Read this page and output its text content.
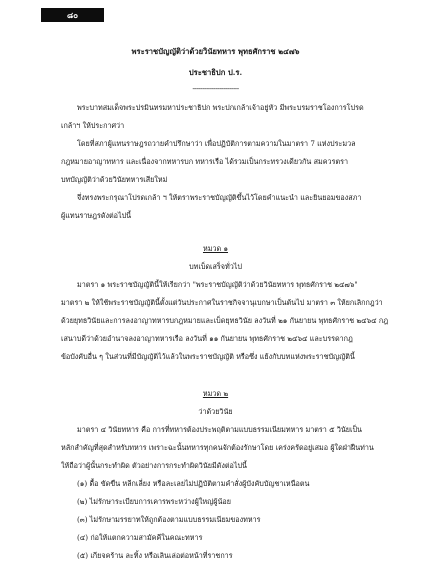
๘๐
พระราชบัญญัติว่าด้วยวินัยทหาร พุทธศักราช ๒๔๗๖
ประชาธิปก ป.ร.
------------------------
พระบาทสมเด็จพระปรมินทรมหาประชาธิปก พระปกเกล้าเจ้าอยู่หัว มีพระบรมราชโองการโปรด
เกล้าฯ ให้ประกาศว่า
โดยที่สภาผู้แทนราษฎรถวายคำปรึกษาว่า เพื่อปฏิบัติการตามความในมาตรา 7 แห่งประมวล
กฎหมายอาญาทหาร และเนื่องจากทหารบก ทหารเรือ ได้รวมเป็นกระทรวงเดียวกัน สมควรตรา
บทบัญญัติว่าด้วยวินัยทหารเสียใหม่
จึ่งทรงพระกรุณาโปรดเกล้า ฯ ให้ตราพระราชบัญญัติขึ้นไว้โดยคำแนะนำ และยินยอมของสภา
ผู้แทนราษฎรดังต่อไปนี้
หมวด ๑
บทเบ็ดเสร็จทั่วไป
มาตรา ๑ พระราชบัญญัตินี้ให้เรียกว่า "พระราชบัญญัติว่าด้วยวินัยทหาร พุทธศักราช ๒๔๗๖"
มาตรา ๒ ให้ใช้พระราชบัญญัตินี้ตั้งแต่วันประกาศในราชกิจจานุเบกษาเป็นต้นไป มาตรา ๓ ให้ยกเลิกกฎว่า
ด้วยยุทธวินัยและการลงอาญาทหารบกฎหมายและเบ็ดยุทธวินัย ลงวันที่ ๒๑ กันยายน พุทธศักราช ๒๔๖๔ กฎ
เสนาบดีว่าด้วยอำนาจลงอาญาทหารเรือ ลงวันที่ ๑๑ กันยายน พุทธศักราช ๒๔๖๔ และบรรดากฎ
ข้อบังคับอื่น ๆ ในส่วนที่มีบัญญัติไว้แล้วในพระราชบัญญัติ หรือซึ่ง แย้งกับบทแห่งพระราชบัญญัตินี้
หมวด ๒
ว่าด้วยวินัย
มาตรา ๔ วินัยทหาร คือ การที่ทหารต้องประพฤติตามแบบธรรมเนียมทหาร มาตรา ๕ วินัยเป็น
หลักสำคัญที่สุดสำหรับทหาร เพราะฉะนั้นทหารทุกคนจักต้องรักษาโดย เคร่งครัดอยู่เสมอ ผู้ใดฝ่าฝืนท่าน
ให้ถือว่าผู้นั้นกระทำผิด ตัวอย่างการกระทำผิดวินัยมีดังต่อไปนี้
(๑) ดื้อ ขัดขืน หลีกเลี่ยง หรือละเลยไม่ปฏิบัติตามคำสั่งผู้บังคับบัญชาเหนือตน
(๒) ไม่รักษาระเบียบการเคารพระหว่างผู้ใหญ่ผู้น้อย
(๓) ไม่รักษามรรยาทให้ถูกต้องตามแบบธรรมเนียมของทหาร
(๔) ก่อให้แตกความสามัคคีในคณะทหาร
(๕) เกียจคร้าน ละทิ้ง หรือเลินเล่อต่อหน้าที่ราชการ
